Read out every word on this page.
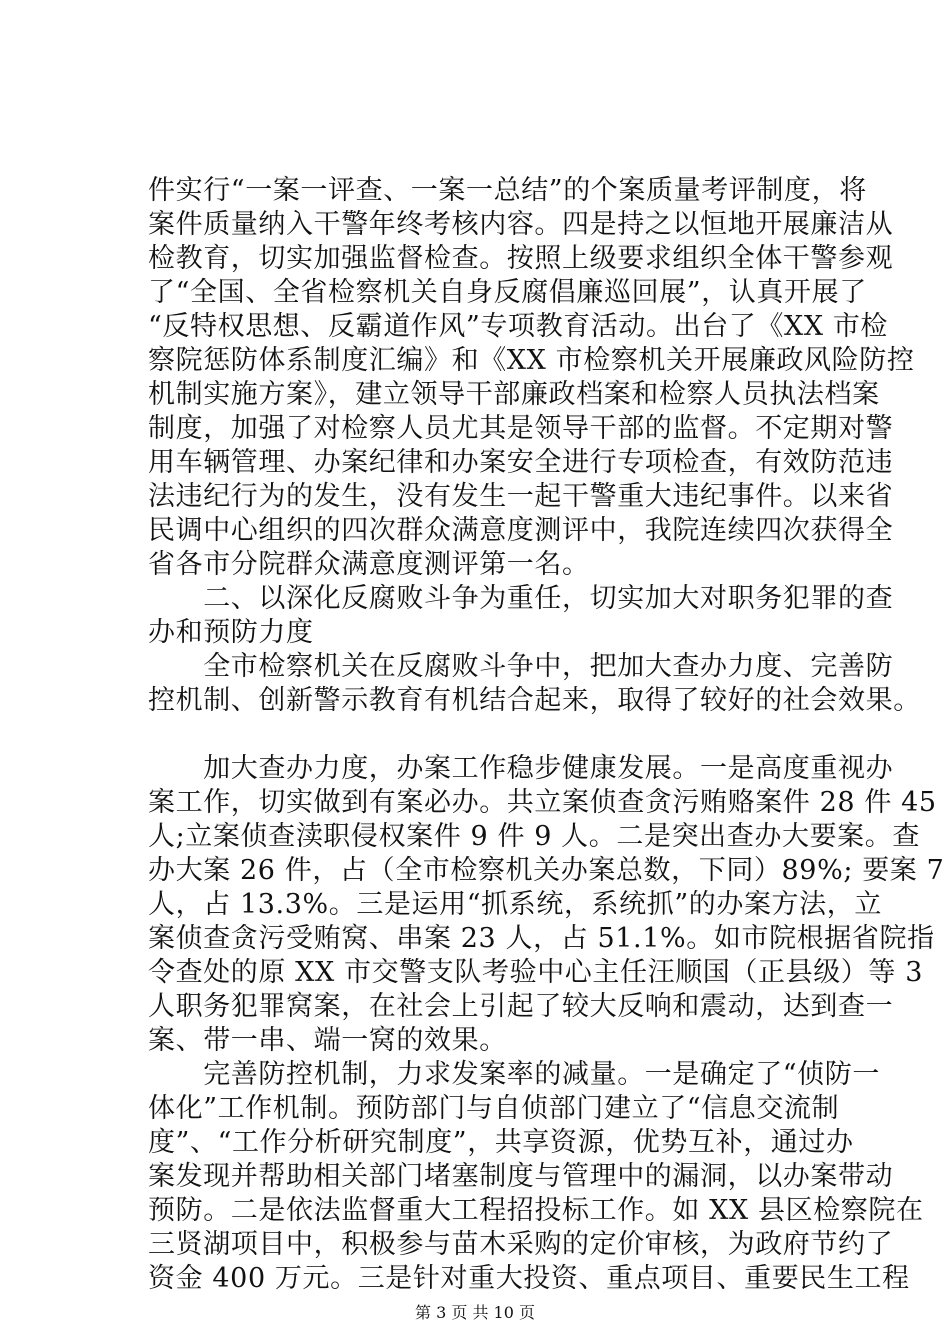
件实行“一案一评查、一案一总结”的个案质量考评制度，将
案件质量纳入干警年终考核内容。四是持之以恒地开展廉洁从
检教育，切实加强监督检查。按照上级要求组织全体干警参观
了“全国、全省检察机关自身反腐倡廉巡回展”，认真开展了
“反特权思想、反霸道作风”专项教育活动。出台了《XX 市检
察院惩防体系制度汇编》和《XX 市检察机关开展廉政风险防控
机制实施方案》，建立领导干部廉政档案和检察人员执法档案
制度，加强了对检察人员尤其是领导干部的监督。不定期对警
用车辆管理、办案纪律和办案安全进行专项检查，有效防范违
法违纪行为的发生，没有发生一起干警重大违纪事件。以来省
民调中心组织的四次群众满意度测评中，我院连续四次获得全
省各市分院群众满意度测评第一名。
　　二、以深化反腐败斗争为重任，切实加大对职务犯罪的查
办和预防力度
　　全市检察机关在反腐败斗争中，把加大查办力度、完善防
控机制、创新警示教育有机结合起来，取得了较好的社会效果。
　　加大查办力度，办案工作稳步健康发展。一是高度重视办
案工作，切实做到有案必办。共立案侦查贪污贿赂案件 28 件 45
人;立案侦查渎职侵权案件 9 件 9 人。二是突出查办大要案。查
办大案 26 件，占（全市检察机关办案总数，下同）89%; 要案 7
人，占 13.3%。三是运用“抓系统，系统抓”的办案方法，立
案侦查贪污受贿窝、串案 23 人，占 51.1%。如市院根据省院指
令查处的原 XX 市交警支队考验中心主任汪顺国（正县级）等 3
人职务犯罪窝案，在社会上引起了较大反响和震动，达到查一
案、带一串、端一窝的效果。
　　完善防控机制，力求发案率的减量。一是确定了“侦防一
体化”工作机制。预防部门与自侦部门建立了“信息交流制
度”、“工作分析研究制度”，共享资源，优势互补，通过办
案发现并帮助相关部门堵塞制度与管理中的漏洞，以办案带动
预防。二是依法监督重大工程招投标工作。如 XX 县区检察院在
三贤湖项目中，积极参与苗木采购的定价审核，为政府节约了
资金 400 万元。三是针对重大投资、重点项目、重要民生工程
第 3 页 共 10 页
